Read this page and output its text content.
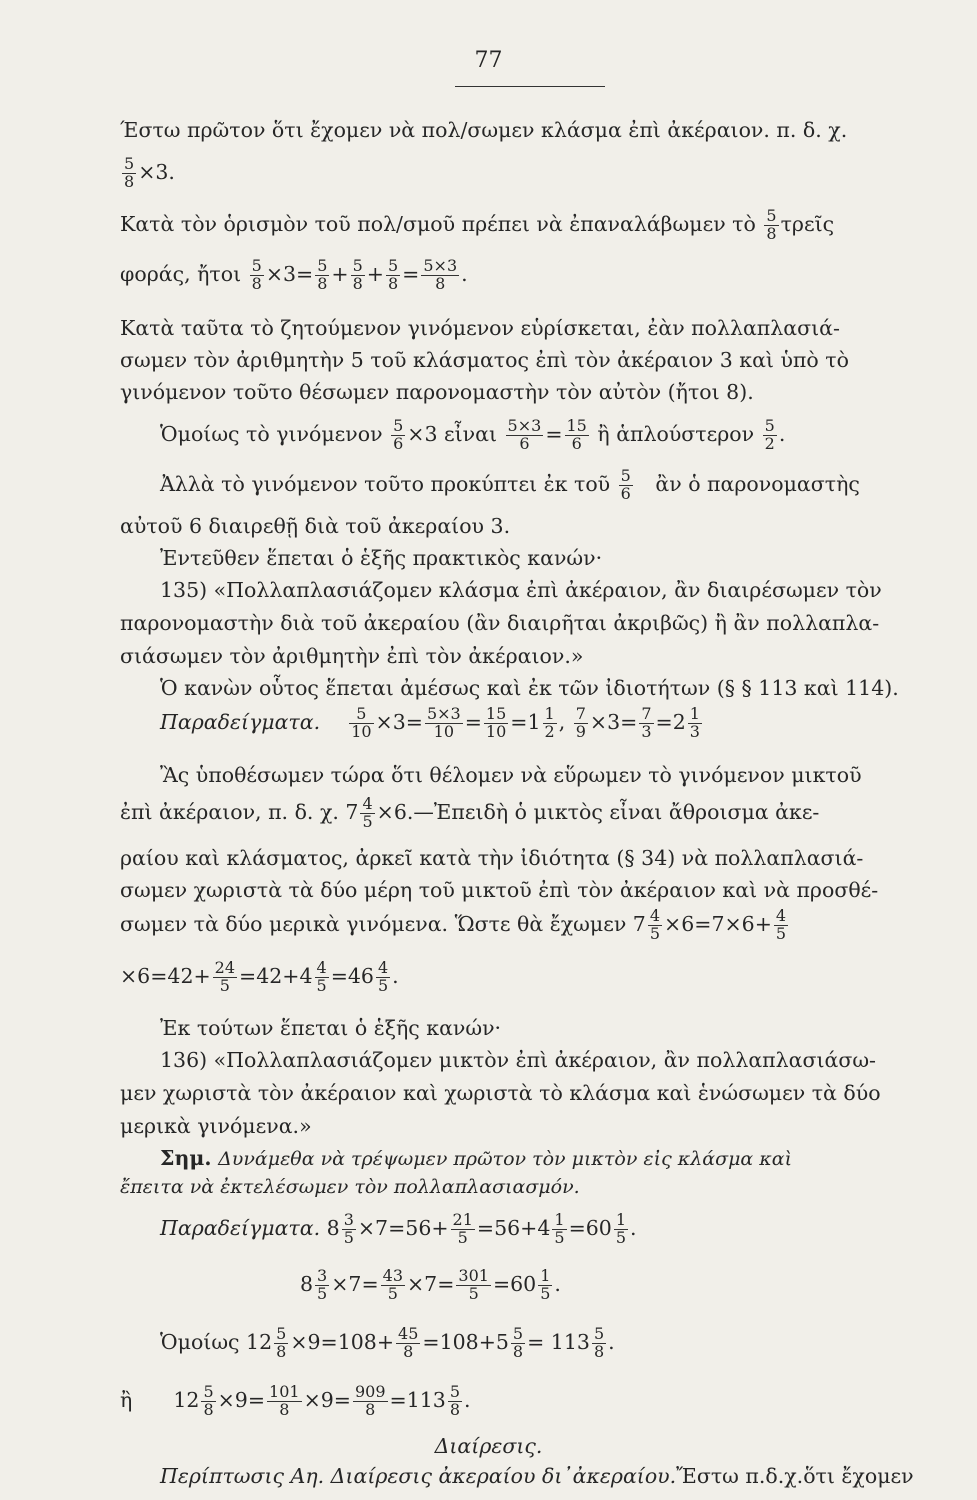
77
Έστω πρῶτον ὅτι ἔχομεν νὰ πολ/σωμεν κλάσμα ἐπὶ ἀκέραιον. π. δ. χ.
$\frac{5}{8} \times 3$.
Κατὰ τὸν ὁρισμὸν τοῦ πολ/σμοῦ πρέπει νὰ ἐπαναλάβωμεν τὸ $\frac{5}{8}$ τρεῖς
φοράς, ἤτοι $\frac{5}{8} \times 3= \frac{5}{8} + \frac{5}{8} + \frac{5}{8} = \frac{5\times 3}{8}$ .
Κατὰ ταῦτα τὸ ζητούμενον γινόμενον εὑρίσκεται, ἐὰν πολλαπλασιά-
σωμεν τὸν ἀριθμητὴν 5 τοῦ κλάσματος ἐπὶ τὸν ἀκέραιον 3 καὶ ὑπὸ τὸ
γινόμενον τοῦτο θέσωμεν παρονομαστὴν τὸν αὐτὸν (ἤτοι 8).
Ὁμοίως τὸ γινόμενον $\frac{5}{6} \times 3$ εἶναι $\frac{5\times 3}{6} = \frac{15}{6}$ ἢ ἁπλούστερον $\frac{5}{2}$ .
Ἀλλὰ τὸ γινόμενον τοῦτο προκύπτει ἐκ τοῦ $\frac{5}{6}$ ἂν ὁ παρονομαστὴς
αὐτοῦ 6 διαιρεθῇ διὰ τοῦ ἀκεραίου 3.
Ἐντεῦθεν ἕπεται ὁ ἑξῆς πρακτικὸς κανών·
135) «Πολλαπλασιάζομεν κλάσμα ἐπὶ ἀκέραιον, ἂν διαιρέσωμεν τὸν
παρονομαστὴν διὰ τοῦ ἀκεραίου (ἂν διαιρῆται ἀκριβῶς) ἢ ἂν πολλαπλα-
σιάσωμεν τὸν ἀριθμητὴν ἐπὶ τὸν ἀκέραιον.»
Ὁ κανὼν οὗτος ἕπεται ἀμέσως καὶ ἐκ τῶν ἰδιοτήτων (§ § 113 καὶ 114).
Παραδείγματα. $\frac{5}{10} \times 3= \frac{5\times 3}{10} = \frac{15}{10} =1 \frac{1}{2}$ , $\frac{7}{9} \times 3= \frac{7}{3} =2 \frac{1}{3}$
Ἂς ὑποθέσωμεν τώρα ὅτι θέλομεν νὰ εὕρωμεν τὸ γινόμενον μικτοῦ
ἐπὶ ἀκέραιον, π. δ. χ. $7 \frac{4}{5}$ ×6.—Ἐπειδὴ ὁ μικτὸς εἶναι ἄθροισμα ἀκε-
ραίου καὶ κλάσματος, ἀρκεῖ κατὰ τὴν ἰδιότητα (§ 34) νὰ πολλαπλασιά-
σωμεν χωριστὰ τὰ δύο μέρη τοῦ μικτοῦ ἐπὶ τὸν ἀκέραιον καὶ νὰ προσθέ-
σωμεν τὰ δύο μερικὰ γινόμενα. Ὥστε θὰ ἔχωμεν $7 \frac{4}{5} \times 6=7\times 6+ \frac{4}{5}$
$\times 6=42+ \frac{24}{5} =42+4 \frac{4}{5} =46 \frac{4}{5}$ .
Ἐκ τούτων ἕπεται ὁ ἑξῆς κανών·
136) «Πολλαπλασιάζομεν μικτὸν ἐπὶ ἀκέραιον, ἂν πολλαπλασιάσω-
μεν χωριστὰ τὸν ἀκέραιον καὶ χωριστὰ τὸ κλάσμα καὶ ἑνώσωμεν τὰ δύο
μερικὰ γινόμενα.»
Σημ. Δυνάμεθα νὰ τρέψωμεν πρῶτον τὸν μικτὸν εἰς κλάσμα καὶ
ἔπειτα νὰ ἐκτελέσωμεν τὸν πολλαπλασιασμόν.
Παραδείγματα. $8 \frac{3}{5} \times 7=56+ \frac{21}{5} =56+4 \frac{1}{5} =60 \frac{1}{5}$ .
$8 \frac{3}{5} \times 7= \frac{43}{5} \times 7= \frac{301}{5} =60 \frac{1}{5}$ .
Ὁμοίως $12 \frac{5}{8} \times 9=108+ \frac{45}{8} =108+5 \frac{5}{8} = 113 \frac{5}{8}$ .
ἢ  $12 \frac{5}{8} \times 9= \frac{101}{8} \times 9= \frac{909}{8} =113 \frac{5}{8}$ .
Διαίρεσις.
Περίπτωσις Αη. Διαίρεσις ἀκεραίου δι᾽ἀκεραίου.Ἔστω π.δ.χ.ὅτι ἔχομεν
